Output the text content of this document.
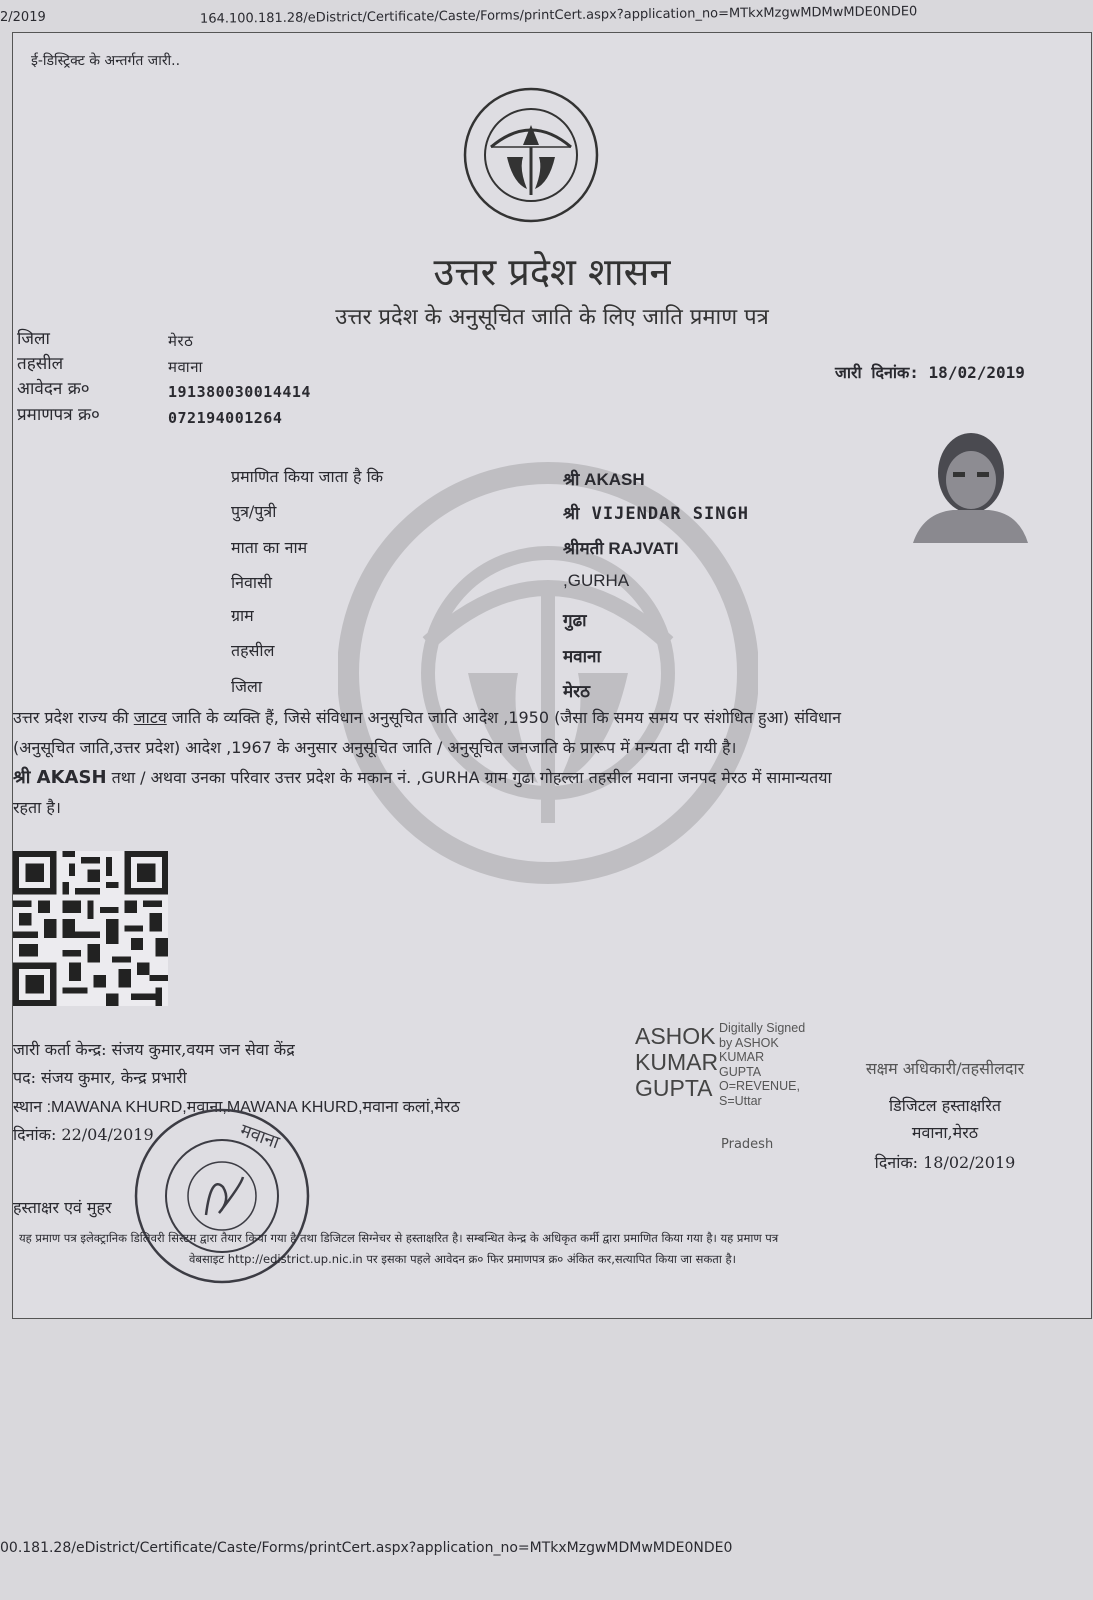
2/2019	164.100.181.28/eDistrict/Certificate/Caste/Forms/printCert.aspx?application_no=MTkxMzgwMDMwMDE0NDE0
ई-डिस्ट्रिक्ट के अन्तर्गत जारी..
उत्तर प्रदेश शासन
उत्तर प्रदेश के अनुसूचित जाति के लिए जाति प्रमाण पत्र
जिला	मेरठ
तहसील	मवाना
आवेदन क्र०	191380030014414
प्रमाणपत्र क्र०	072194001264
जारी दिनांक: 18/02/2019
प्रमाणित किया जाता है कि	श्री AKASH
पुत्र/पुत्री	श्री VIJENDAR SINGH
माता का नाम	श्रीमती RAJVATI
निवासी	,GURHA
ग्राम	गुढा
तहसील	मवाना
जिला	मेरठ
उत्तर प्रदेश राज्य की जाटव जाति के व्यक्ति हैं, जिसे संविधान अनुसूचित जाति आदेश ,1950 (जैसा कि समय समय पर संशोधित हुआ) संविधान
(अनुसूचित जाति,उत्तर प्रदेश) आदेश ,1967 के अनुसार अनुसूचित जाति / अनुसूचित जनजाति के प्रारूप में मन्यता दी गयी है।
श्री AKASH तथा / अथवा उनका परिवार उत्तर प्रदेश के मकान नं. ,GURHA ग्राम गुढा गोहल्ला तहसील मवाना जनपद मेरठ में सामान्यतया
रहता है।
जारी कर्ता केन्द्र: संजय कुमार,वयम जन सेवा केंद्र
पद: संजय कुमार, केन्द्र प्रभारी
स्थान :MAWANA KHURD,मवाना,MAWANA KHURD,मवाना कलां,मेरठ
दिनांक: 22/04/2019
हस्ताक्षर एवं मुहर
ASHOK
KUMAR
GUPTA
Digitally Signed
by ASHOK
KUMAR
GUPTA
O=REVENUE,
S=Uttar
Pradesh
सक्षम अधिकारी/तहसीलदार
डिजिटल हस्ताक्षरित
मवाना,मेरठ
दिनांक: 18/02/2019
मवाना
यह प्रमाण पत्र इलेक्ट्रानिक डिलिवरी सिस्टम द्वारा तैयार किया गया है तथा डिजिटल सिग्नेचर से हस्ताक्षरित है। सम्बन्धित केन्द्र के अधिकृत कर्मी द्वारा प्रमाणित किया गया है। यह प्रमाण पत्र
वेबसाइट http://edistrict.up.nic.in पर इसका पहले आवेदन क्र० फिर प्रमाणपत्र क्र० अंकित कर,सत्यापित किया जा सकता है।
00.181.28/eDistrict/Certificate/Caste/Forms/printCert.aspx?application_no=MTkxMzgwMDMwMDE0NDE0
